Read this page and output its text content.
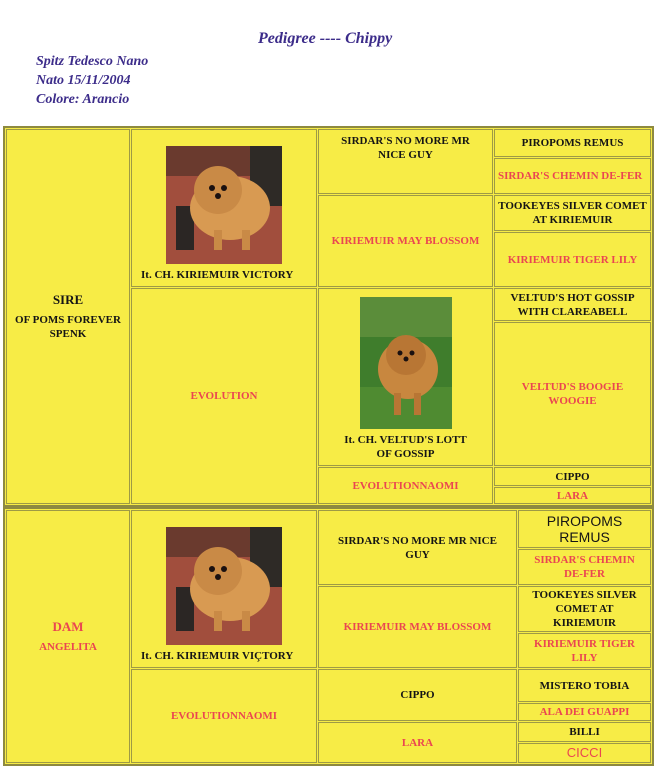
Pedigree ---- Chippy
Spitz Tedesco Nano
Nato 15/11/2004
Colore: Arancio
SIRE
OF POMS FOREVER SPENK
It. CH. KIRIEMUIR VICTORY
SIRDAR'S NO MORE MR NICE GUY
PIROPOMS REMUS
SIRDAR'S CHEMIN DE-FER
KIRIEMUIR MAY BLOSSOM
TOOKEYES SILVER COMET AT KIRIEMUIR
KIRIEMUIR TIGER LILY
EVOLUTION
It. CH. VELTUD'S LOTT OF GOSSIP
VELTUD'S HOT GOSSIP WITH CLAREABELL
VELTUD'S BOOGIE WOOGIE
EVOLUTIONNAOMI
CIPPO
LARA
DAM
ANGELITA
It. CH. KIRIEMUIR VIÇTORY
SIRDAR'S NO MORE MR NICE GUY
PIROPOMS REMUS
SIRDAR'S CHEMIN DE-FER
KIRIEMUIR MAY BLOSSOM
TOOKEYES SILVER COMET AT KIRIEMUIR
KIRIEMUIR TIGER LILY
EVOLUTIONNAOMI
CIPPO
MISTERO TOBIA
ALA DEI GUAPPI
LARA
BILLI
CICCI
